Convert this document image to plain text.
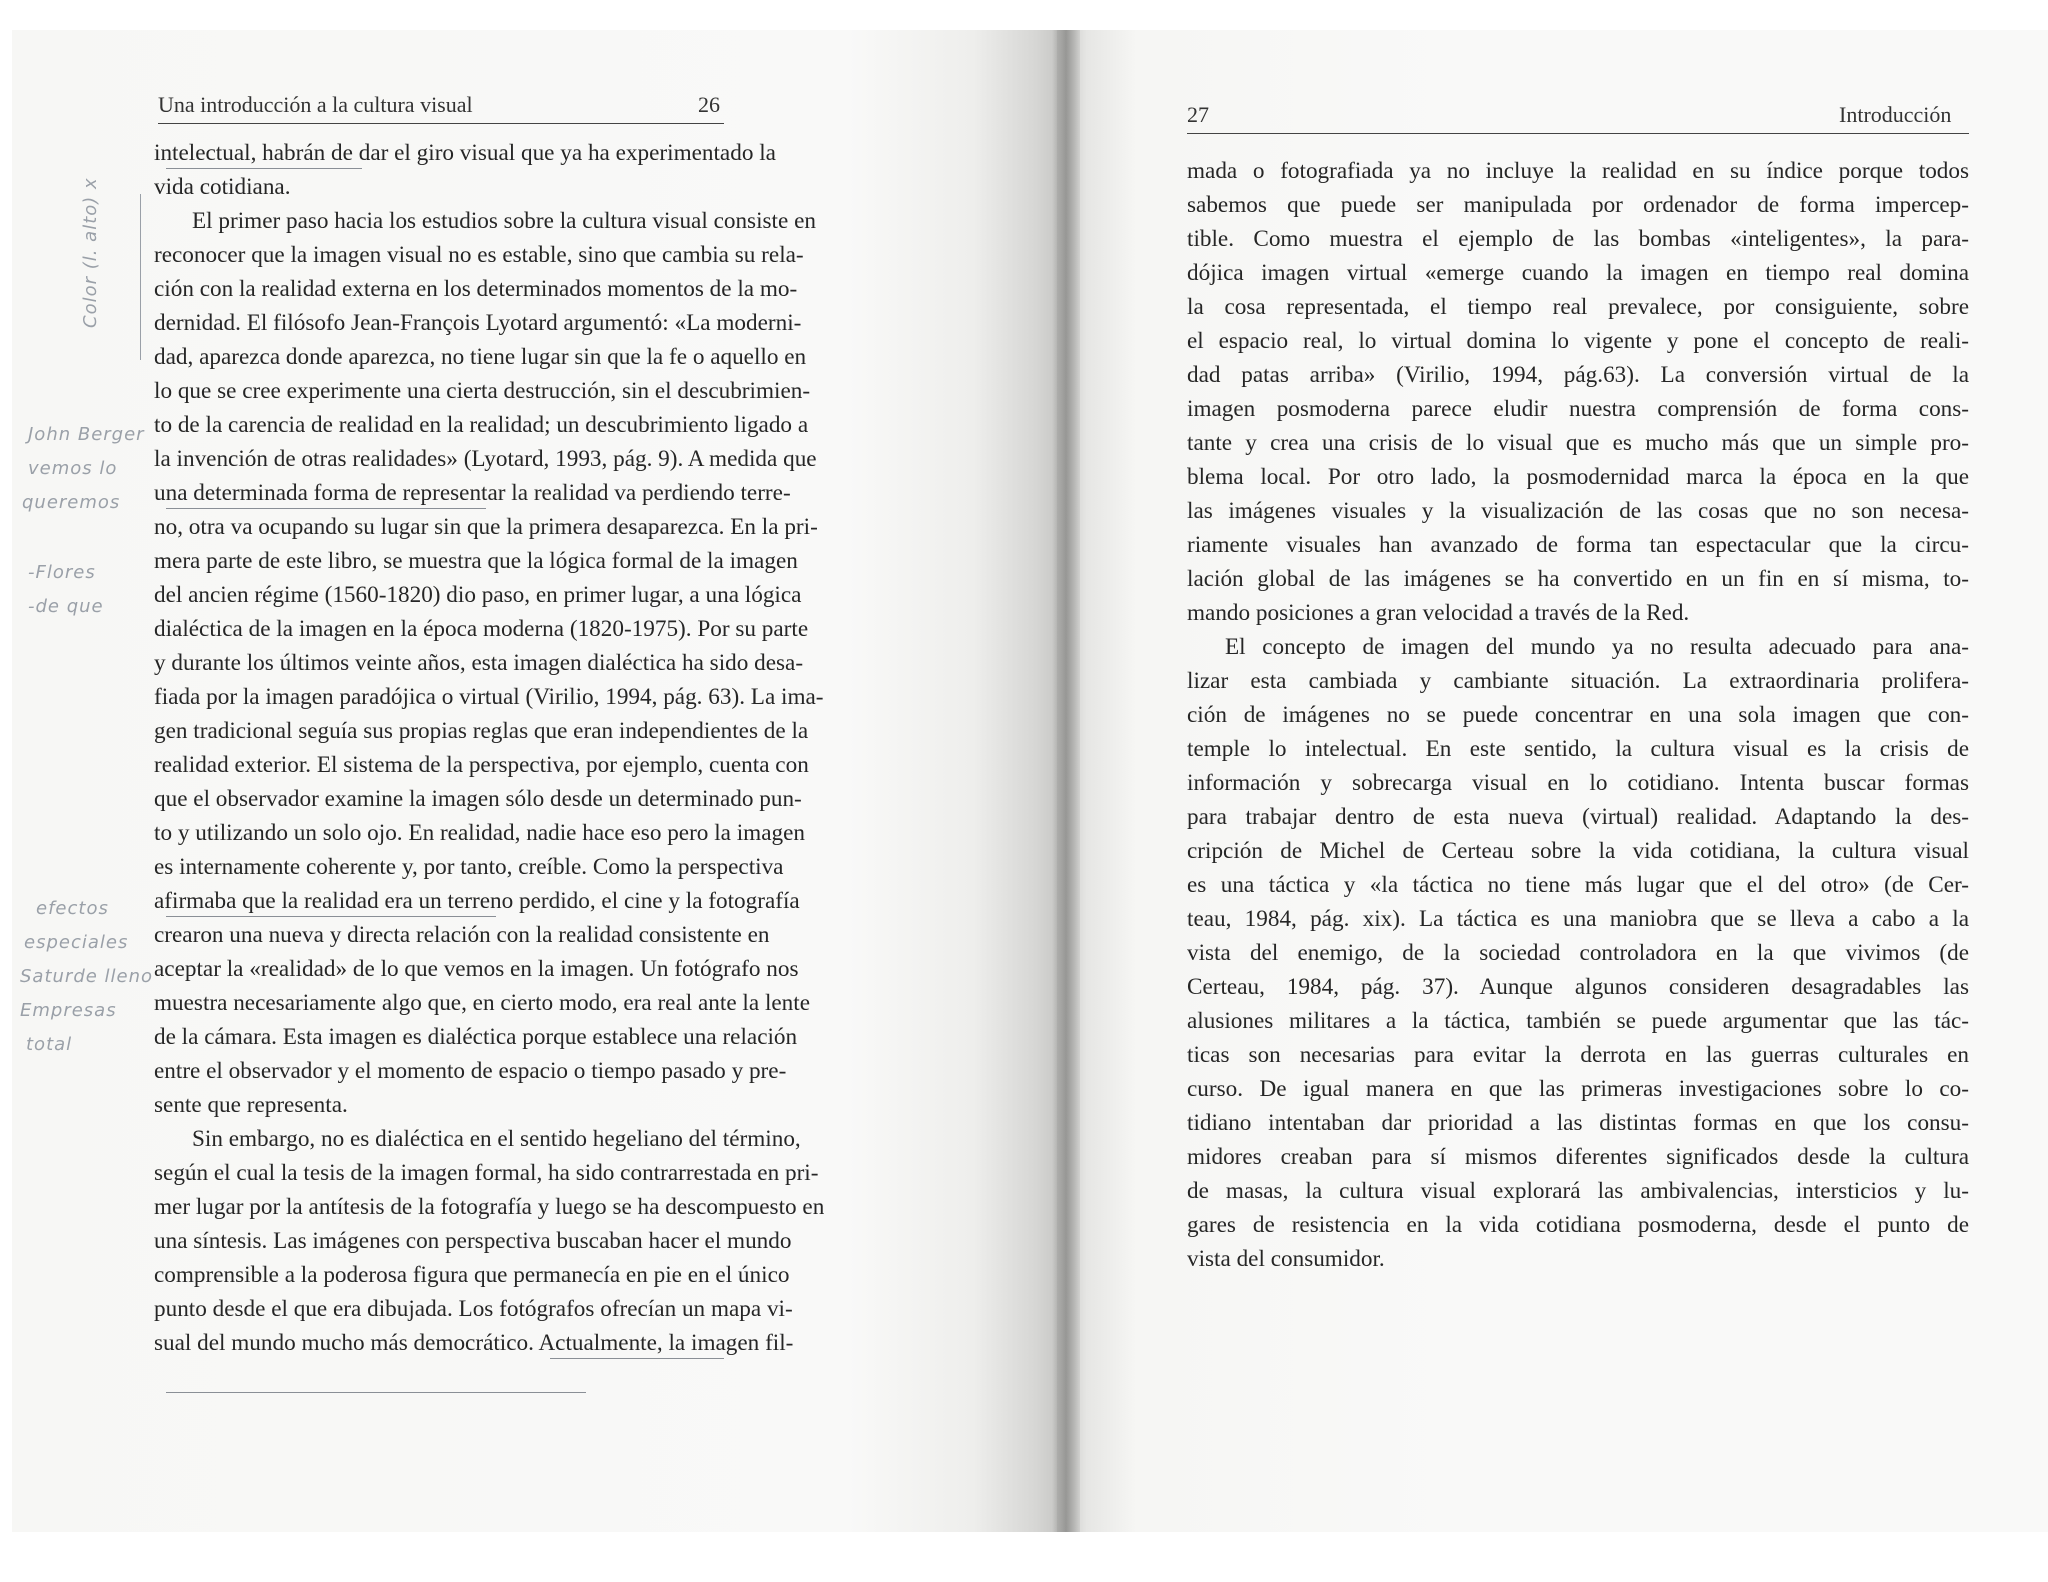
Una introducción a la cultura visual	26
intelectual, habrán de dar el giro visual que ya ha experimentado la
vida cotidiana.
El primer paso hacia los estudios sobre la cultura visual consiste en
reconocer que la imagen visual no es estable, sino que cambia su rela-
ción con la realidad externa en los determinados momentos de la mo-
dernidad. El filósofo Jean-François Lyotard argumentó: «La moderni-
dad, aparezca donde aparezca, no tiene lugar sin que la fe o aquello en
lo que se cree experimente una cierta destrucción, sin el descubrimien-
to de la carencia de realidad en la realidad; un descubrimiento ligado a
la invención de otras realidades» (Lyotard, 1993, pág. 9). A medida que
una determinada forma de representar la realidad va perdiendo terre-
no, otra va ocupando su lugar sin que la primera desaparezca. En la pri-
mera parte de este libro, se muestra que la lógica formal de la imagen
del ancien régime (1560-1820) dio paso, en primer lugar, a una lógica
dialéctica de la imagen en la época moderna (1820-1975). Por su parte
y durante los últimos veinte años, esta imagen dialéctica ha sido desa-
fiada por la imagen paradójica o virtual (Virilio, 1994, pág. 63). La ima-
gen tradicional seguía sus propias reglas que eran independientes de la
realidad exterior. El sistema de la perspectiva, por ejemplo, cuenta con
que el observador examine la imagen sólo desde un determinado pun-
to y utilizando un solo ojo. En realidad, nadie hace eso pero la imagen
es internamente coherente y, por tanto, creíble. Como la perspectiva
afirmaba que la realidad era un terreno perdido, el cine y la fotografía
crearon una nueva y directa relación con la realidad consistente en
aceptar la «realidad» de lo que vemos en la imagen. Un fotógrafo nos
muestra necesariamente algo que, en cierto modo, era real ante la lente
de la cámara. Esta imagen es dialéctica porque establece una relación
entre el observador y el momento de espacio o tiempo pasado y pre-
sente que representa.
Sin embargo, no es dialéctica en el sentido hegeliano del término,
según el cual la tesis de la imagen formal, ha sido contrarrestada en pri-
mer lugar por la antítesis de la fotografía y luego se ha descompuesto en
una síntesis. Las imágenes con perspectiva buscaban hacer el mundo
comprensible a la poderosa figura que permanecía en pie en el único
punto desde el que era dibujada. Los fotógrafos ofrecían un mapa vi-
sual del mundo mucho más democrático. Actualmente, la imagen fil-
Color (l. alto) x
John Berger
vemos lo
queremos
-Flores
-de que
efectos
especiales
Saturde lleno
Empresas
total
27	Introducción
mada o fotografiada ya no incluye la realidad en su índice porque todos
sabemos que puede ser manipulada por ordenador de forma impercep-
tible. Como muestra el ejemplo de las bombas «inteligentes», la para-
dójica imagen virtual «emerge cuando la imagen en tiempo real domina
la cosa representada, el tiempo real prevalece, por consiguiente, sobre
el espacio real, lo virtual domina lo vigente y pone el concepto de reali-
dad patas arriba» (Virilio, 1994, pág.63). La conversión virtual de la
imagen posmoderna parece eludir nuestra comprensión de forma cons-
tante y crea una crisis de lo visual que es mucho más que un simple pro-
blema local. Por otro lado, la posmodernidad marca la época en la que
las imágenes visuales y la visualización de las cosas que no son necesa-
riamente visuales han avanzado de forma tan espectacular que la circu-
lación global de las imágenes se ha convertido en un fin en sí misma, to-
mando posiciones a gran velocidad a través de la Red.
El concepto de imagen del mundo ya no resulta adecuado para ana-
lizar esta cambiada y cambiante situación. La extraordinaria prolifera-
ción de imágenes no se puede concentrar en una sola imagen que con-
temple lo intelectual. En este sentido, la cultura visual es la crisis de
información y sobrecarga visual en lo cotidiano. Intenta buscar formas
para trabajar dentro de esta nueva (virtual) realidad. Adaptando la des-
cripción de Michel de Certeau sobre la vida cotidiana, la cultura visual
es una táctica y «la táctica no tiene más lugar que el del otro» (de Cer-
teau, 1984, pág. xix). La táctica es una maniobra que se lleva a cabo a la
vista del enemigo, de la sociedad controladora en la que vivimos (de
Certeau, 1984, pág. 37). Aunque algunos consideren desagradables las
alusiones militares a la táctica, también se puede argumentar que las tác-
ticas son necesarias para evitar la derrota en las guerras culturales en
curso. De igual manera en que las primeras investigaciones sobre lo co-
tidiano intentaban dar prioridad a las distintas formas en que los consu-
midores creaban para sí mismos diferentes significados desde la cultura
de masas, la cultura visual explorará las ambivalencias, intersticios y lu-
gares de resistencia en la vida cotidiana posmoderna, desde el punto de
vista del consumidor.
